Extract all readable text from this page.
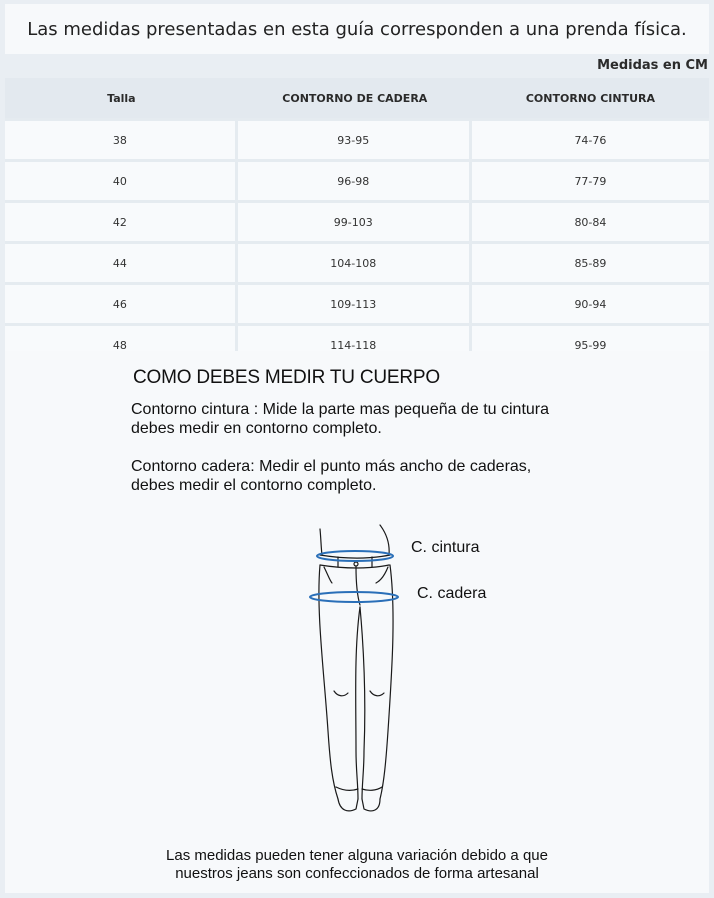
Las medidas presentadas en esta guía corresponden a una prenda física.
Medidas en CM
Talla	CONTORNO DE CADERA	CONTORNO CINTURA
38	93-95	74-76
40	96-98	77-79
42	99-103	80-84
44	104-108	85-89
46	109-113	90-94
48	114-118	95-99
COMO DEBES MEDIR TU CUERPO

Contorno cintura : Mide la parte mas pequeña de tu cintura
debes medir en contorno completo.

Contorno cadera: Medir el punto más ancho de caderas,
debes medir el contorno completo.

C. cintura
C. cadera
Las medidas pueden tener alguna variación debido a que
nuestros jeans son confeccionados de forma artesanal
